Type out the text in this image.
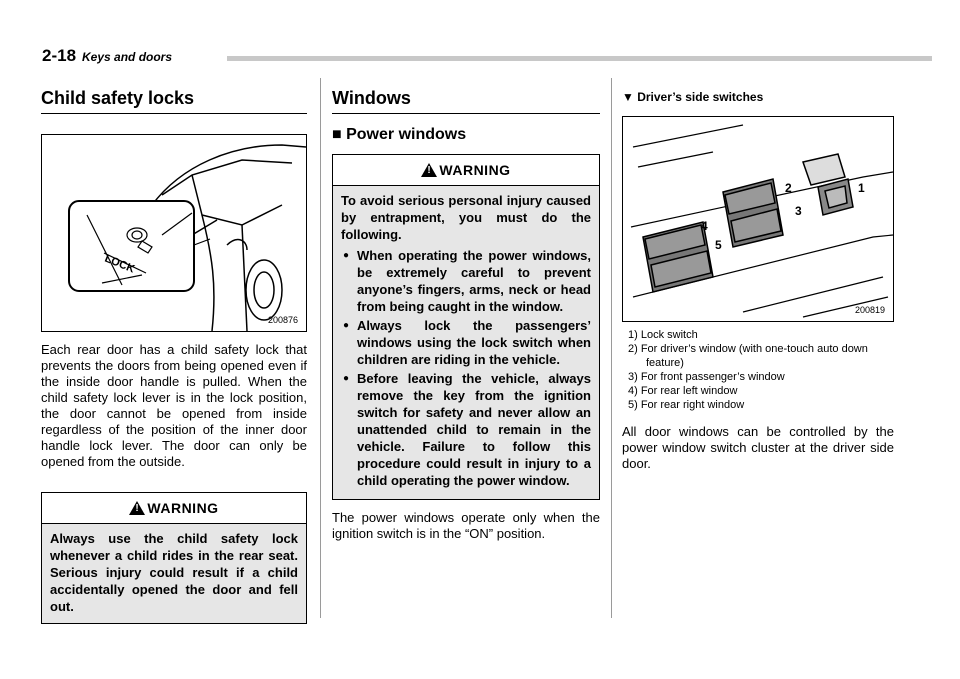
2-18 Keys and doors
Child safety locks
LOCK
200876

Each rear door has a child safety lock that prevents the doors from being opened even if the inside door handle is pulled. When the child safety lock lever is in the lock position, the door cannot be opened from inside regardless of the position of the inner door handle lock lever. The door can only be opened from the outside.

!
WARNING
Always use the child safety lock whenever a child rides in the rear seat. Serious injury could result if a child accidentally opened the door and fell out.
Windows
■ Power windows
!
WARNING
To avoid serious personal injury caused by entrapment, you must do the following.
● When operating the power windows, be extremely careful to prevent anyone’s fingers, arms, neck or head from being caught in the window.
● Always lock the passengers’ windows using the lock switch when children are riding in the vehicle.
● Before leaving the vehicle, always remove the key from the ignition switch for safety and never allow an unattended child to remain in the vehicle. Failure to follow this procedure could result in injury to a child operating the power window.

The power windows operate only when the ignition switch is in the “ON” position.

▼ Driver’s side switches
1
2
3
4
5
200819
1) Lock switch
2) For driver’s window (with one-touch auto down feature)
3) For front passenger’s window
4) For rear left window
5) For rear right window

All door windows can be controlled by the power window switch cluster at the driver side door.
